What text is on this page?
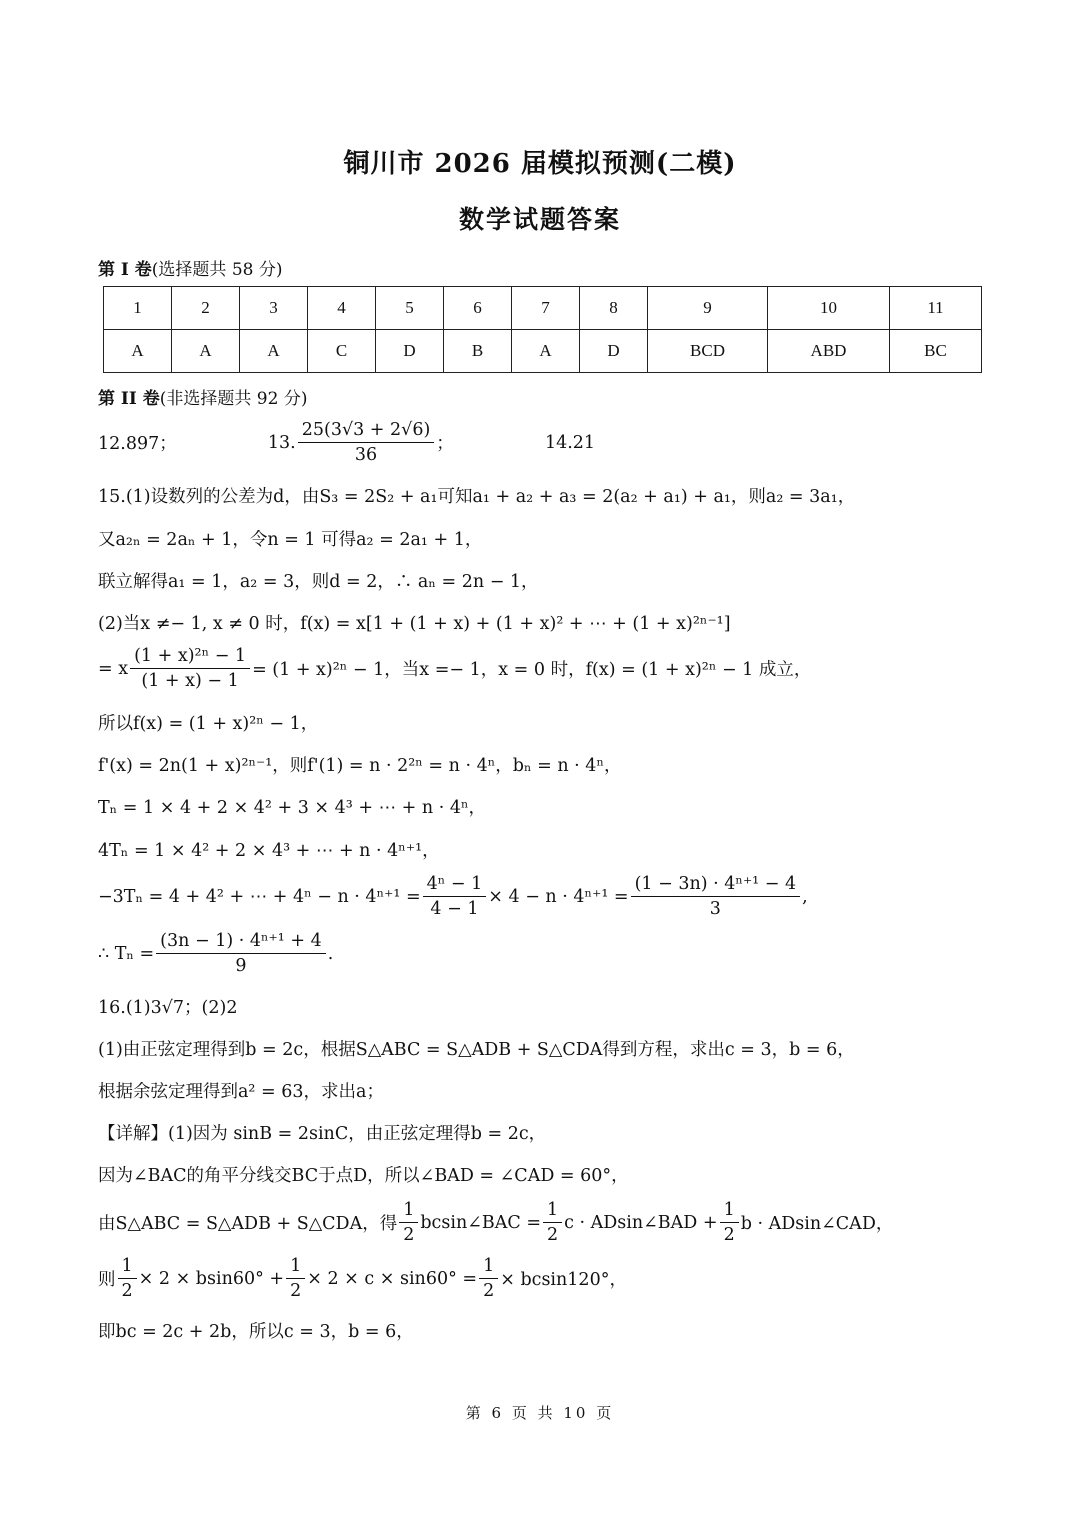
铜川市 2026 届模拟预测(二模)
数学试题答案
第 I 卷(选择题共 58 分)
1	2	3	4	5	6	7	8	9	10	11
A	A	A	C	D	B	A	D	BCD	ABD	BC
第 II 卷(非选择题共 92 分)
12.897；	13. $\frac{25(3√3 + 2√6)}{36}$ ；	14.21
15.(1)设数列的公差为d，由S₃ = 2S₂ + a₁可知a₁ + a₂ + a₃ = 2(a₂ + a₁) + a₁，则a₂ = 3a₁，
又a₂ₙ = 2aₙ + 1，令n = 1 可得a₂ = 2a₁ + 1，
联立解得a₁ = 1，a₂ = 3，则d = 2，∴ aₙ = 2n − 1，
(2)当x ≠− 1, x ≠ 0 时，f(x) = x[1 + (1 + x) + (1 + x)² + ⋯ + (1 + x)²ⁿ⁻¹]
= x $\frac{\text{(1 + x)²ⁿ − 1}}{(1 + x) - 1} = (1 + x)^{2n} - 1$，当x =− 1，x = 0 时，f(x) = (1 + x)²ⁿ − 1 成立，
所以f(x) = (1 + x)²ⁿ − 1，
f'(x) = 2n(1 + x)²ⁿ⁻¹，则f'(1) = n · 2²ⁿ = n · 4ⁿ，bₙ = n · 4ⁿ，
Tₙ = 1 × 4 + 2 × 4² + 3 × 4³ + ⋯ + n · 4ⁿ，
4Tₙ = 1 × 4² + 2 × 4³ + ⋯ + n · 4ⁿ⁺¹，
−3Tₙ = 4 + 4² + ⋯ + $4^n - n \cdot 4^{n+1} = \frac{\text{4ⁿ − 1}}{4 - 1} \times 4 - n \cdot 4^{n+1} = \frac{\text{(1 − 3n) · 4ⁿ⁺¹ − 4}}{3}$ ,
∴ $T_n = \frac{\text{(3n − 1) · 4ⁿ⁺¹ + 4}}{9}$ .
16.(1)3√7；(2)2
(1)由正弦定理得到b = 2c，根据S△ABC = S△ADB + S△CDA得到方程，求出c = 3，b = 6，
根据余弦定理得到a² = 63，求出a；
【详解】(1)因为 sinB = 2sinC，由正弦定理得b = 2c，
因为∠BAC的角平分线交BC于点D，所以∠BAD = ∠CAD = 60°，
由S△ABC = S△ADB + S△CDA，得 $\frac{1}{2}$ bcsin∠BAC = $\frac{1}{2}$ c · ADsin∠BAD + $\frac{1}{2}$ b · ADsin∠CAD，
则 $\frac{1}{2} \times 2 \times bsin60^\circ + \frac{1}{2} \times 2 \times c \times \sin 60^\circ = \frac{1}{2} \times bcsin120^\circ$，
即bc = 2c + 2b，所以c = 3，b = 6，
第 6 页 共 10 页
